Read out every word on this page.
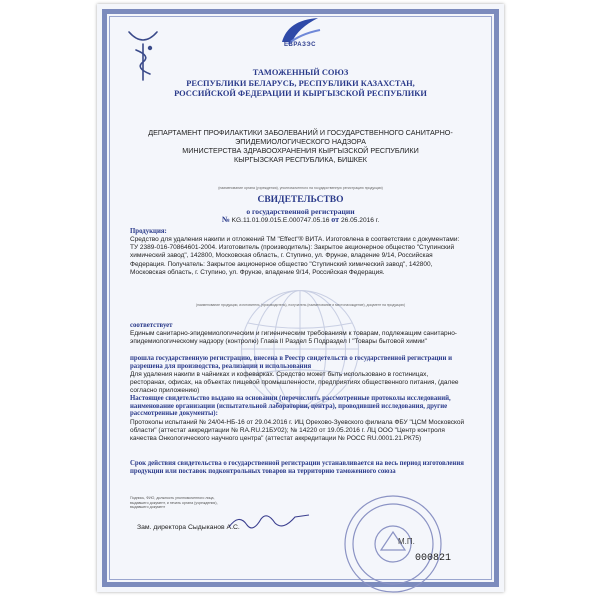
ЕВРАЗЭС
ТАМОЖЕННЫЙ СОЮЗ
РЕСПУБЛИКИ БЕЛАРУСЬ, РЕСПУБЛИКИ КАЗАХСТАН,
РОССИЙСКОЙ ФЕДЕРАЦИИ И КЫРГЫЗСКОЙ РЕСПУБЛИКИ
ДЕПАРТАМЕНТ ПРОФИЛАКТИКИ ЗАБОЛЕВАНИЙ И ГОСУДАРСТВЕННОГО САНИТАРНО-
ЭПИДЕМИОЛОГИЧЕСКОГО НАДЗОРА
МИНИСТЕРСТВА ЗДРАВООХРАНЕНИЯ КЫРГЫЗСКОЙ РЕСПУБЛИКИ
КЫРГЫЗСКАЯ РЕСПУБЛИКА, БИШКЕК
(наименование органа (учреждения), уполномоченного на государственную регистрацию продукции)
СВИДЕТЕЛЬСТВО
о государственной регистрации
№ KG.11.01.09.015.Е.000747.05.16 от 26.05.2016 г.
Продукция:
Средство для удаления накипи и отложений ТМ "Effect"® ВИТА. Изготовлена в соответствии с документами: ТУ 2389-016-70864601-2004. Изготовитель (производитель): Закрытое акционерное общество "Ступинский химический завод", 142800, Московская область, г. Ступино, ул. Фрунзе, владение 9/14, Российская Федерация. Получатель: Закрытое акционерное общество "Ступинский химический завод", 142800, Московская область, г. Ступино, ул. Фрунзе, владение 9/14, Российская Федерация.
(наименование продукции, изготовитель (производитель), получатель (наименование и местонахождение), документ на продукцию)
соответствует
Единым санитарно-эпидемиологическим и гигиеническим требованиям к товарам, подлежащим санитарно-эпидемиологическому надзору (контролю) Глава II Раздел 5 Подраздел I "Товары бытовой химии"
прошла государственную регистрацию, внесена в Реестр свидетельств о государственной регистрации и разрешена для производства, реализации и использования
Для удаления накипи в чайниках и кофеварках. Средство может быть использовано в гостиницах, ресторанах, офисах, на объектах пищевой промышленности, предприятиях общественного питания, (далее согласно приложению)
Настоящее свидетельство выдано на основании (перечислить рассмотренные протоколы исследований, наименование организации (испытательной лаборатории, центра), проводившей исследования, другие рассмотренные документы):
Протоколы испытаний № 24/04-НБ-16 от 29.04.2016 г. ИЦ Орехово-Зуевского филиала ФБУ "ЦСМ Московской области" (аттестат аккредитации № RA.RU.21БУ02); № 14220 от 19.05.2016 г. ЛЦ ООО "Центр контроля качества Онкологического научного центра" (аттестат аккредитации № РОСС RU.0001.21.РК75)
Срок действия свидетельства о государственной регистрации устанавливается на весь период изготовления продукции или поставок подконтрольных товаров на территорию таможенного союза
Подпись, ФИО, должность уполномоченного лица,
выдавшего документ, и печать органа (учреждения),
выдавшего документ
Зам. директора Сыдыканов А.С.
М.П.
000821
